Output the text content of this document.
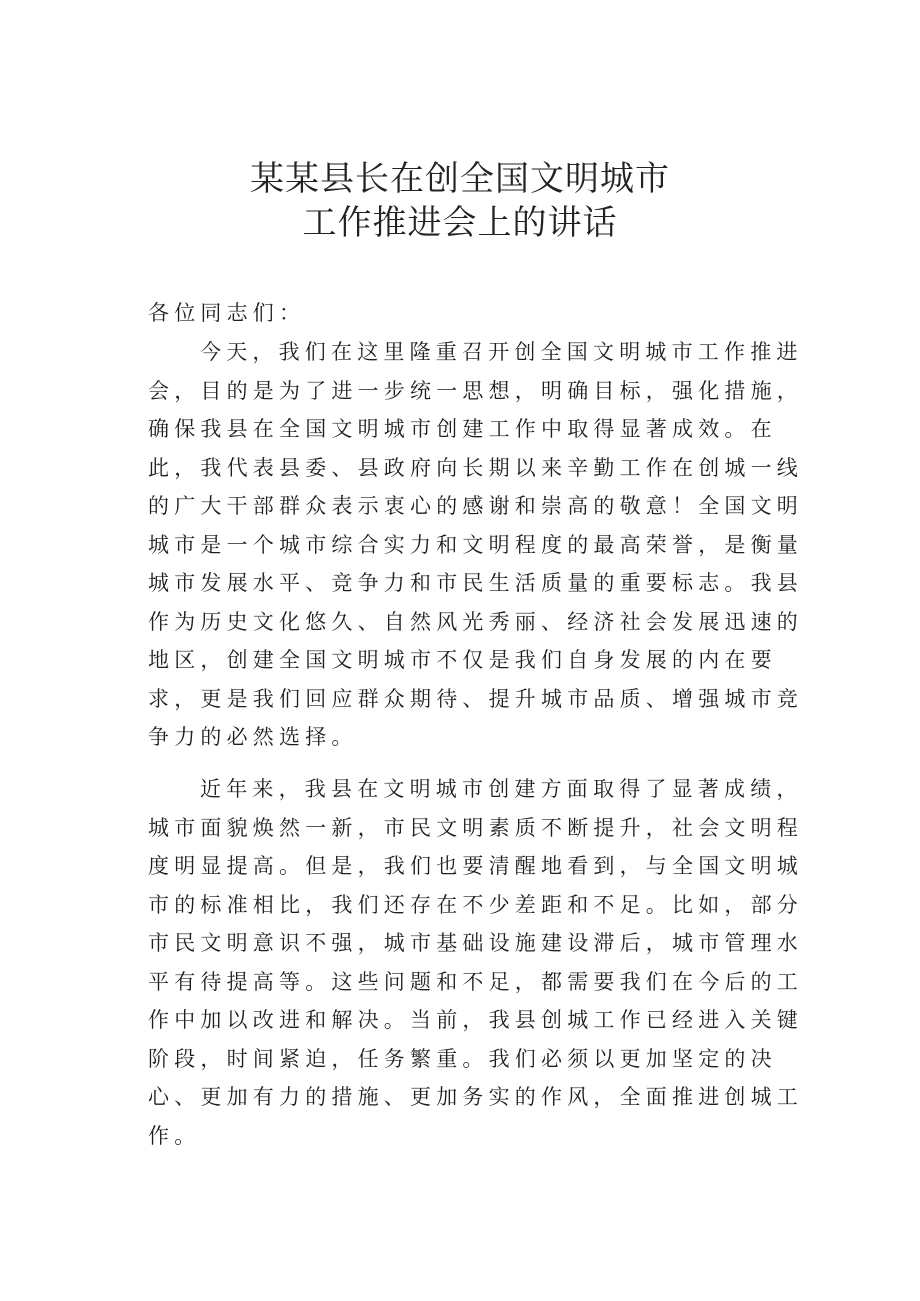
某某县长在创全国文明城市
工作推进会上的讲话
各位同志们：

今天，我们在这里隆重召开创全国文明城市工作推进会，目的是为了进一步统一思想，明确目标，强化措施，确保我县在全国文明城市创建工作中取得显著成效。在此，我代表县委、县政府向长期以来辛勤工作在创城一线的广大干部群众表示衷心的感谢和崇高的敬意！全国文明城市是一个城市综合实力和文明程度的最高荣誉，是衡量城市发展水平、竞争力和市民生活质量的重要标志。我县作为历史文化悠久、自然风光秀丽、经济社会发展迅速的地区，创建全国文明城市不仅是我们自身发展的内在要求，更是我们回应群众期待、提升城市品质、增强城市竞争力的必然选择。

近年来，我县在文明城市创建方面取得了显著成绩，城市面貌焕然一新，市民文明素质不断提升，社会文明程度明显提高。但是，我们也要清醒地看到，与全国文明城市的标准相比，我们还存在不少差距和不足。比如，部分市民文明意识不强，城市基础设施建设滞后，城市管理水平有待提高等。这些问题和不足，都需要我们在今后的工作中加以改进和解决。当前，我县创城工作已经进入关键阶段，时间紧迫，任务繁重。我们必须以更加坚定的决心、更加有力的措施、更加务实的作风，全面推进创城工作。
